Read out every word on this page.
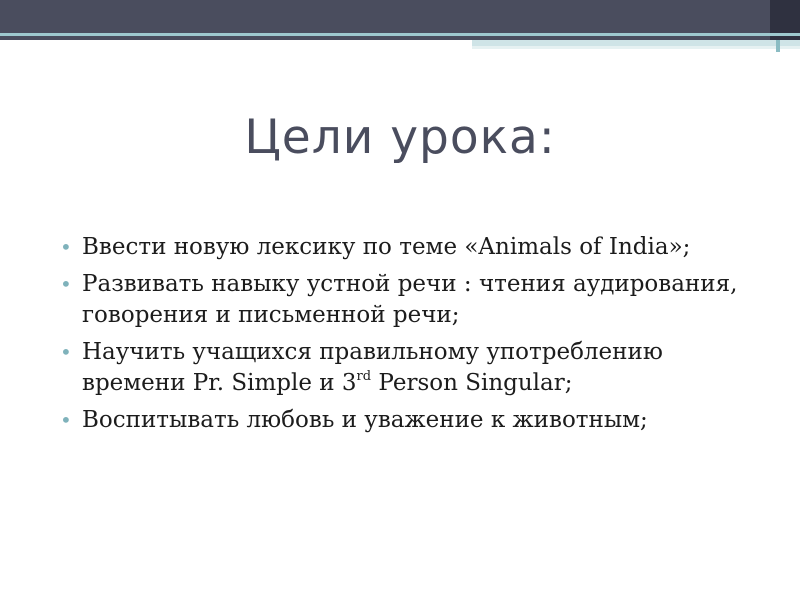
Цели урока:
• Ввести новую лексику по теме «Animals of India»;
• Развивать навыку устной речи : чтения аудирования, говорения и письменной речи;
• Научить учащихся правильному употреблению времени Pr. Simple и 3rd Person Singular;
• Воспитывать любовь и уважение к животным;
